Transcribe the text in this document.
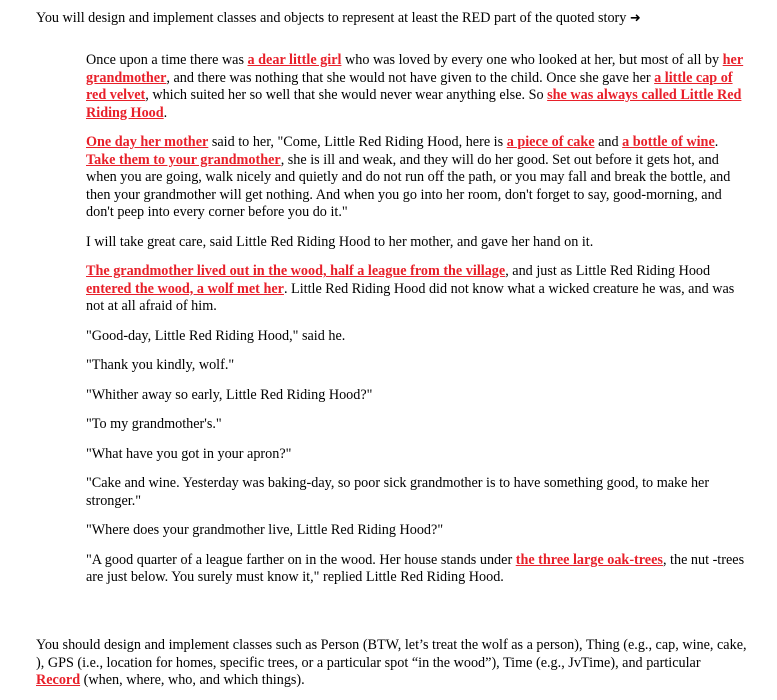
You will design and implement classes and objects to represent at least the RED part of the quoted story ➜

Once upon a time there was a dear little girl who was loved by every one who looked at her, but most of all by her grandmother, and there was nothing that she would not have given to the child. Once she gave her a little cap of red velvet, which suited her so well that she would never wear anything else. So she was always called Little Red Riding Hood.

One day her mother said to her, "Come, Little Red Riding Hood, here is a piece of cake and a bottle of wine. Take them to your grandmother, she is ill and weak, and they will do her good. Set out before it gets hot, and when you are going, walk nicely and quietly and do not run off the path, or you may fall and break the bottle, and then your grandmother will get nothing. And when you go into her room, don't forget to say, good-morning, and don't peep into every corner before you do it."

I will take great care, said Little Red Riding Hood to her mother, and gave her hand on it.

The grandmother lived out in the wood, half a league from the village, and just as Little Red Riding Hood entered the wood, a wolf met her. Little Red Riding Hood did not know what a wicked creature he was, and was not at all afraid of him.

"Good-day, Little Red Riding Hood," said he.

"Thank you kindly, wolf."

"Whither away so early, Little Red Riding Hood?"

"To my grandmother's."

"What have you got in your apron?"

"Cake and wine. Yesterday was baking-day, so poor sick grandmother is to have something good, to make her stronger."

"Where does your grandmother live, Little Red Riding Hood?"

"A good quarter of a league farther on in the wood. Her house stands under the three large oak-trees, the nut -trees are just below. You surely must know it," replied Little Red Riding Hood.

You should design and implement classes such as Person (BTW, let’s treat the wolf as a person), Thing (e.g., cap, wine, cake, ), GPS (i.e., location for homes, specific trees, or a particular spot “in the wood”), Time (e.g., JvTime), and particular Record (when, where, who, and which things).
